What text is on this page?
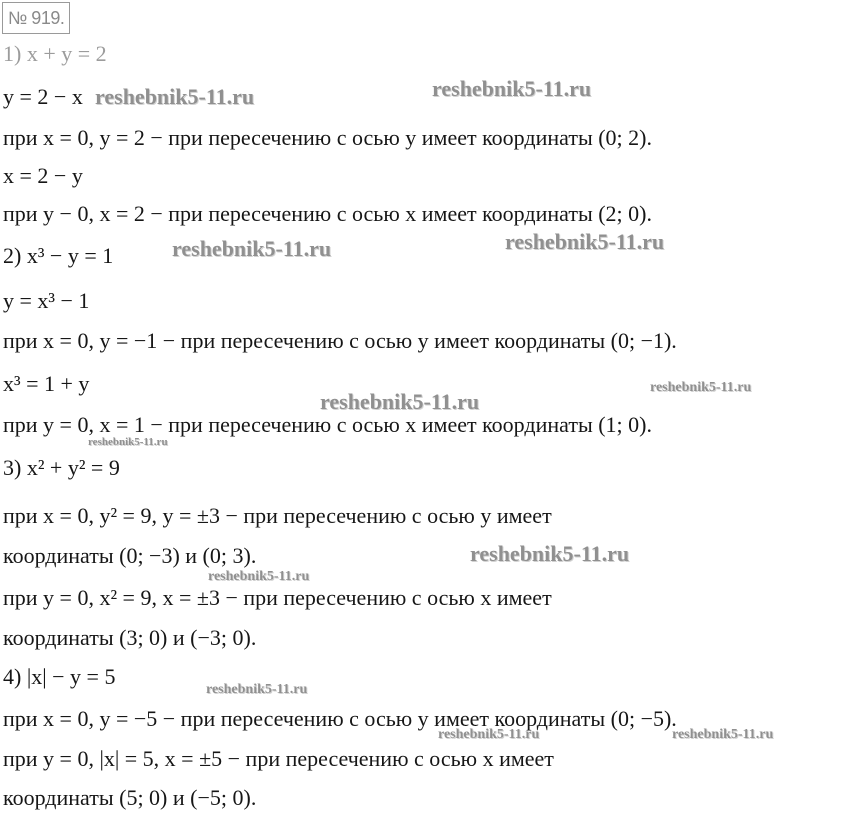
№ 919.
1) x + y = 2
y = 2 − x
при x = 0, y = 2 − при пересечению с осью y имеет координаты (0; 2).
x = 2 − y
при y − 0, x = 2 − при пересечению с осью x имеет координаты (2; 0).
2) x³ − y = 1
y = x³ − 1
при x = 0, y = −1 − при пересечению с осью y имеет координаты (0; −1).
x³ = 1 + y
при y = 0, x = 1 − при пересечению с осью x имеет координаты (1; 0).
3) x² + y² = 9
при x = 0, y² = 9, y = ±3 − при пересечению с осью y имеет
координаты (0; −3) и (0; 3).
при y = 0, x² = 9, x = ±3 − при пересечению с осью x имеет
координаты (3; 0) и (−3; 0).
4) |x| − y = 5
при x = 0, y = −5 − при пересечению с осью y имеет координаты (0; −5).
при y = 0, |x| = 5, x = ±5 − при пересечению с осью x имеет
координаты (5; 0) и (−5; 0).
reshebnik5-11.ru	reshebnik5-11.ru
reshebnik5-11.ru	reshebnik5-11.ru
reshebnik5-11.ru
reshebnik5-11.ru
reshebnik5-11.ru
reshebnik5-11.ru
reshebnik5-11.ru
reshebnik5-11.ru
reshebnik5-11.ru	reshebnik5-11.ru
